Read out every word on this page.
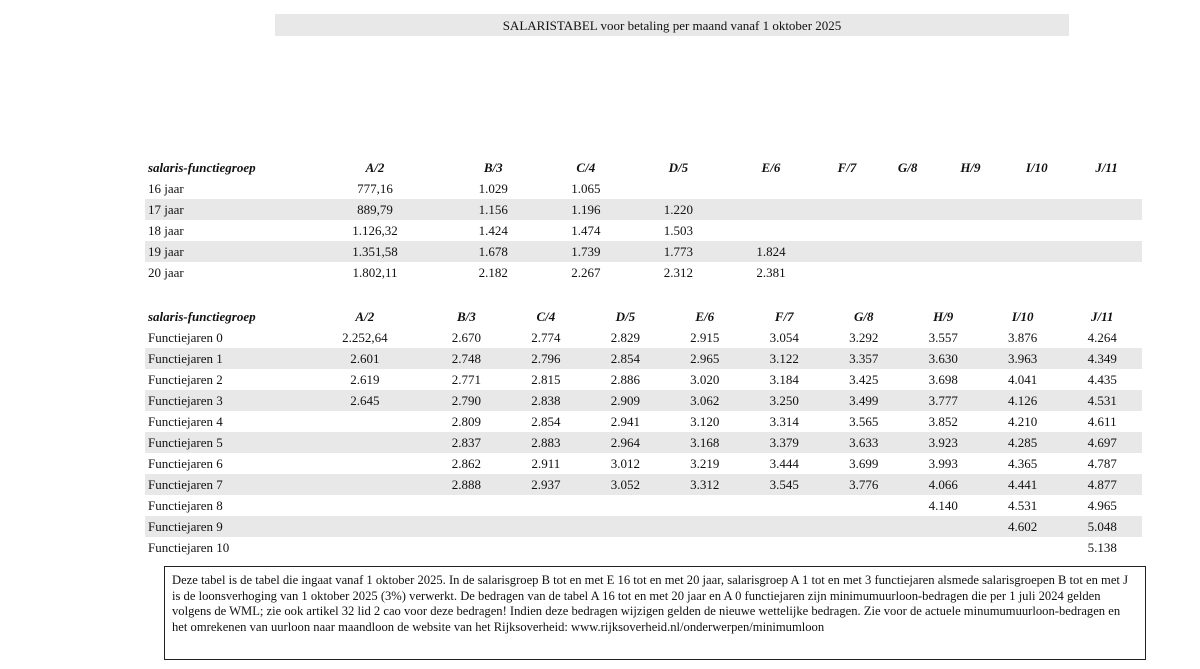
SALARISTABEL voor betaling per maand vanaf 1 oktober 2025
salaris-functiegroep	A/2	B/3	C/4	D/5	E/6	F/7	G/8	H/9	I/10	J/11
16 jaar	777,16	1.029	1.065							
17 jaar	889,79	1.156	1.196	1.220						
18 jaar	1.126,32	1.424	1.474	1.503						
19 jaar	1.351,58	1.678	1.739	1.773	1.824					
20 jaar	1.802,11	2.182	2.267	2.312	2.381					
salaris-functiegroep	A/2	B/3	C/4	D/5	E/6	F/7	G/8	H/9	I/10	J/11
Functiejaren 0	2.252,64	2.670	2.774	2.829	2.915	3.054	3.292	3.557	3.876	4.264
Functiejaren 1	2.601	2.748	2.796	2.854	2.965	3.122	3.357	3.630	3.963	4.349
Functiejaren 2	2.619	2.771	2.815	2.886	3.020	3.184	3.425	3.698	4.041	4.435
Functiejaren 3	2.645	2.790	2.838	2.909	3.062	3.250	3.499	3.777	4.126	4.531
Functiejaren 4		2.809	2.854	2.941	3.120	3.314	3.565	3.852	4.210	4.611
Functiejaren 5		2.837	2.883	2.964	3.168	3.379	3.633	3.923	4.285	4.697
Functiejaren 6		2.862	2.911	3.012	3.219	3.444	3.699	3.993	4.365	4.787
Functiejaren 7		2.888	2.937	3.052	3.312	3.545	3.776	4.066	4.441	4.877
Functiejaren 8								4.140	4.531	4.965
Functiejaren 9									4.602	5.048
Functiejaren 10										5.138
Deze tabel is de tabel die ingaat vanaf 1 oktober 2025. In de salarisgroep B tot en met E 16 tot en met 20 jaar, salarisgroep A 1 tot en met 3 functiejaren alsmede salarisgroepen B tot en met J is de loonsverhoging van 1 oktober 2025 (3%) verwerkt. De bedragen van de tabel A 16 tot en met 20 jaar en A 0 functiejaren zijn minimumuurloon-bedragen die per 1 juli 2024 gelden volgens de WML; zie ook artikel 32 lid 2 cao voor deze bedragen! Indien deze bedragen wijzigen gelden de nieuwe wettelijke bedragen. Zie voor de actuele minumumuurloon-bedragen en het omrekenen van uurloon naar maandloon de website van het Rijksoverheid: www.rijksoverheid.nl/onderwerpen/minimumloon
